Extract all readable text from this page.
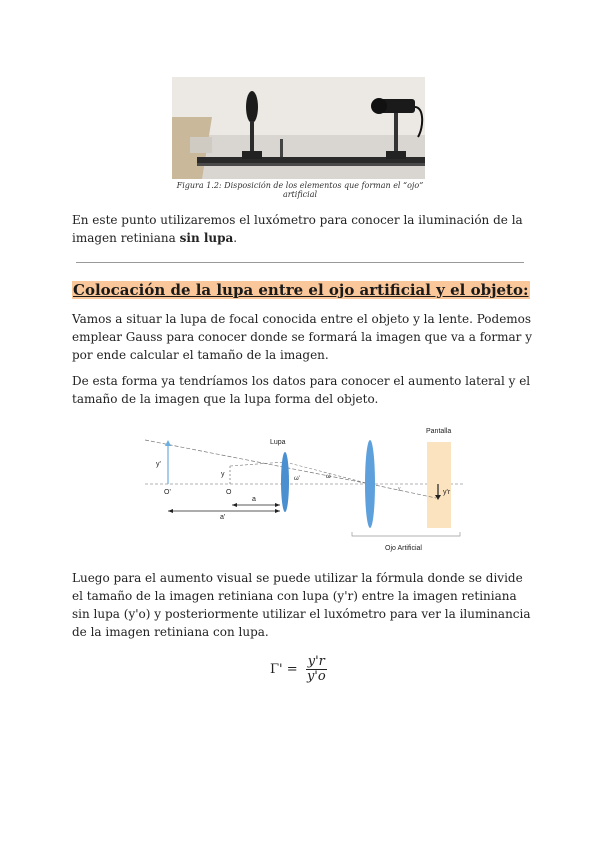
Figura 1.2: Disposición de los elementos que forman el “ojo” artificial

En este punto utilizaremos el luxómetro para conocer la iluminación de la imagen retiniana sin lupa.

Colocación de la lupa entre el ojo artificial y el objeto:

Vamos a situar la lupa de focal conocida entre el objeto y la lente. Podemos emplear Gauss para conocer donde se formará la imagen que va a formar y por ende calcular el tamaño de la imagen.

De esta forma ya tendríamos los datos para conocer el aumento lateral y el tamaño de la imagen que la lupa forma del objeto.

Lupa
Pantalla
Ojo Artificial
y'
y
O'	O
a
a'
ω'	ω
y'r
y

Luego para el aumento visual se puede utilizar la fórmula donde se divide el tamaño de la imagen retiniana con lupa (y'r) entre la imagen retiniana sin lupa (y'o) y posteriormente utilizar el luxómetro para ver la iluminancia de la imagen retiniana con lupa.

$\Gamma' = \frac{y'r}{y'o}$
